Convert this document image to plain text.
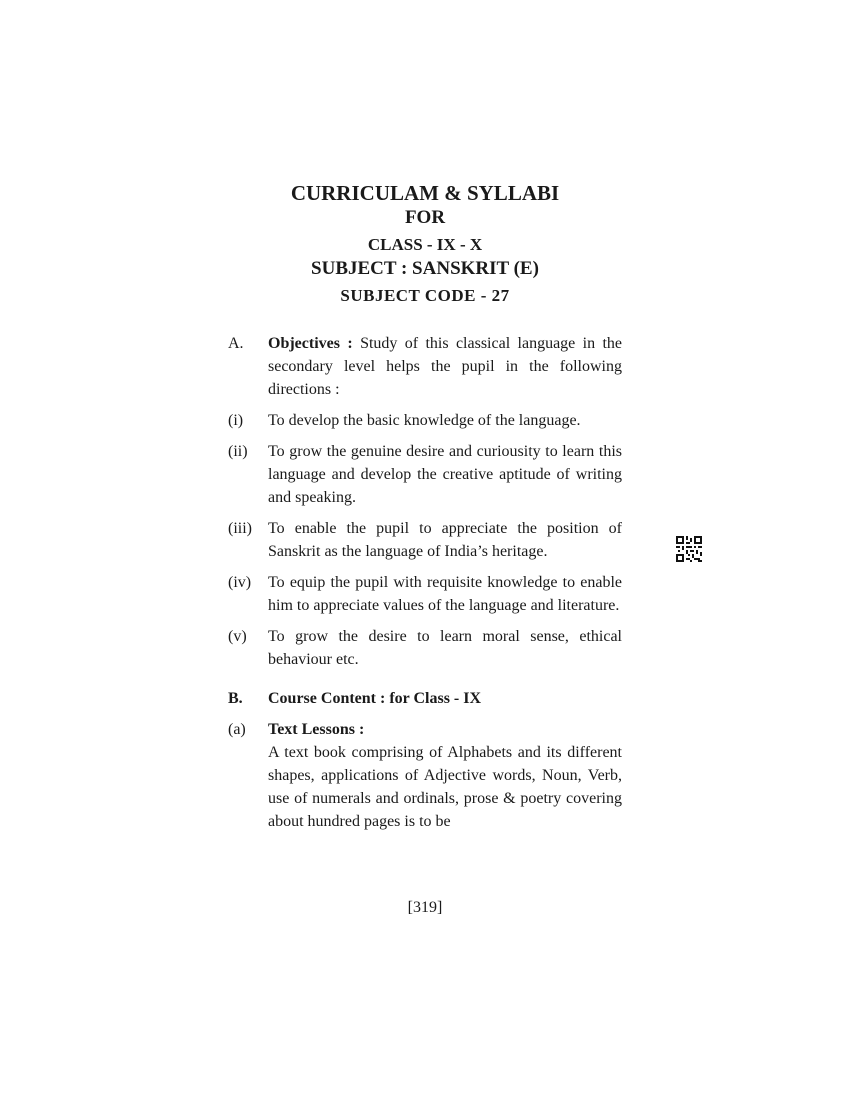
CURRICULAM & SYLLABI
FOR
CLASS - IX - X
SUBJECT : SANSKRIT (E)
SUBJECT CODE - 27
A.	Objectives : Study of this classical language in the secondary level helps the pupil in the following directions :
(i)	To develop the basic knowledge of the language.
(ii)	To grow the genuine desire and curiousity to learn this language and develop the creative aptitude of writing and speaking.
(iii)	To enable the pupil to appreciate the position of Sanskrit as the language of India’s heritage.
(iv)	To equip the pupil with requisite knowledge to enable him to appreciate values of the language and literature.
(v)	To grow the desire to learn moral sense, ethical behaviour etc.
B.	Course Content : for Class - IX
(a)	Text Lessons :
A text book comprising of Alphabets and its different shapes, applications of Adjective words, Noun, Verb, use of numerals and ordinals, prose & poetry covering about hundred pages is to be
[319]
